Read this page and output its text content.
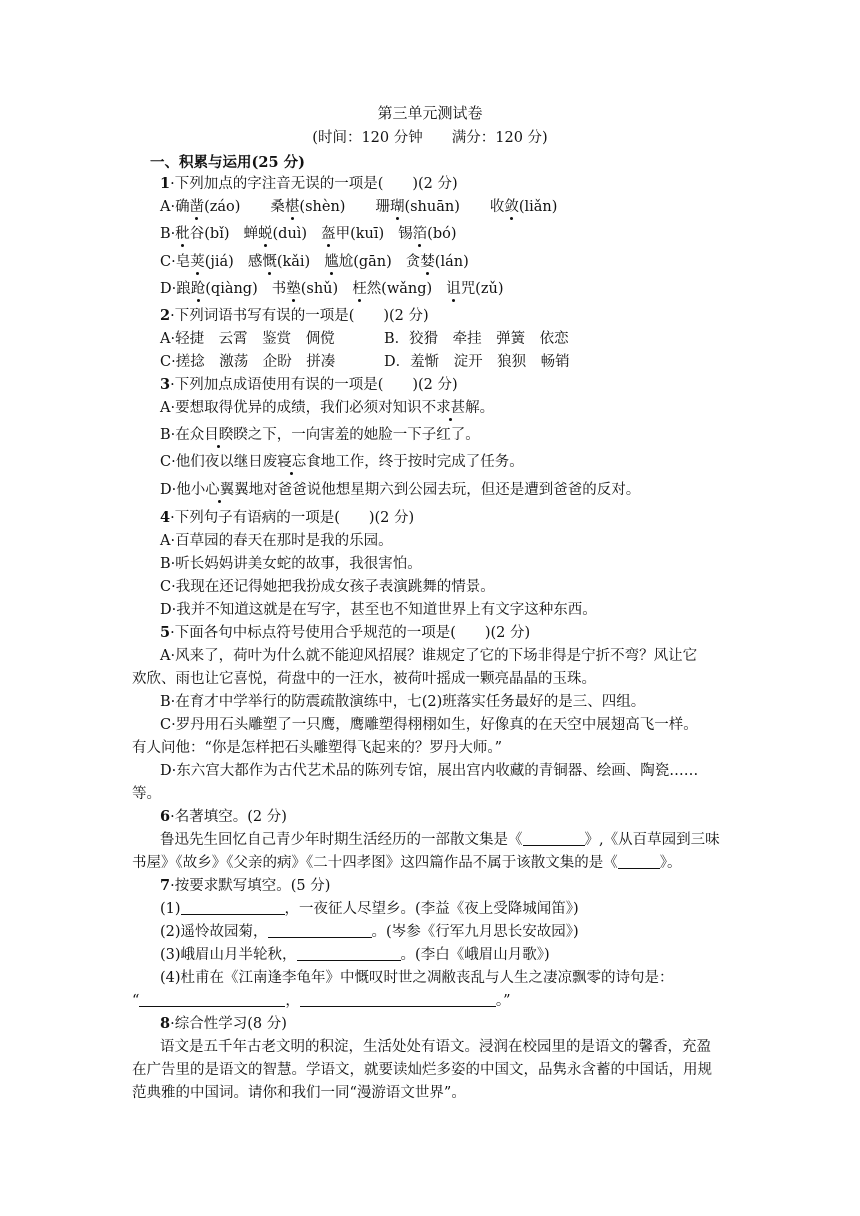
第三单元测试卷
(时间：120 分钟　　满分：120 分)
一、积累与运用(25 分)
1·下列加点的字注音无误的一项是(　　)(2 分)
A·确凿(záo) 桑椹(shèn) 珊瑚(shuān) 收敛(liǎn)
B·秕谷(bǐ) 蝉蜕(duì) 盔甲(kuī) 锡箔(bó)
C·皂荚(jiá) 感慨(kǎi) 尴尬(gān) 贪婪(lán)
D·踉跄(qiàng) 书塾(shǔ) 枉然(wǎng) 诅咒(zǔ)
2·下列词语书写有误的一项是(　　)(2 分)
A·轻捷　云霄　鉴赏　倜傥	B．狡猾　牵挂　弹簧　依恋
C·搓捻　激荡　企盼　拼凑	D．羞惭　淀开　狼狈　畅销
3·下列加点成语使用有误的一项是(　　)(2 分)
A·要想取得优异的成绩，我们必须对知识不求甚解。
B·在众目睽睽之下，一向害羞的她脸一下子红了。
C·他们夜以继日废寝忘食地工作，终于按时完成了任务。
D·他小心翼翼地对爸爸说他想星期六到公园去玩，但还是遭到爸爸的反对。
4·下列句子有语病的一项是(　　)(2 分)
A·百草园的春天在那时是我的乐园。
B·听长妈妈讲美女蛇的故事，我很害怕。
C·我现在还记得她把我扮成女孩子表演跳舞的情景。
D·我并不知道这就是在写字，甚至也不知道世界上有文字这种东西。
5·下面各句中标点符号使用合乎规范的一项是(　　)(2 分)
A·风来了，荷叶为什么就不能迎风招展？谁规定了它的下场非得是宁折不弯？风让它
欢欣、雨也让它喜悦，荷盘中的一汪水，被荷叶摇成一颗亮晶晶的玉珠。
B·在育才中学举行的防震疏散演练中，七(2)班落实任务最好的是三、四组。
C·罗丹用石头雕塑了一只鹰，鹰雕塑得栩栩如生，好像真的在天空中展翅高飞一样。
有人问他：“你是怎样把石头雕塑得飞起来的？罗丹大师。”
D·东六宫大都作为古代艺术品的陈列专馆，展出宫内收藏的青铜器、绘画、陶瓷……
等。
6·名著填空。(2 分)
鲁迅先生回忆自己青少年时期生活经历的一部散文集是《	》,《从百草园到三味
书屋》《故乡》《父亲的病》《二十四孝图》这四篇作品不属于该散文集的是《	》。
7·按要求默写填空。(5 分)
(1)	，一夜征人尽望乡。(李益《夜上受降城闻笛》)
(2)遥怜故园菊，	。(岑参《行军九月思长安故园》)
(3)峨眉山月半轮秋，	。(李白《峨眉山月歌》)
(4)杜甫在《江南逢李龟年》中慨叹时世之凋敝丧乱与人生之凄凉飘零的诗句是：
“	，	。”
8·综合性学习(8 分)
语文是五千年古老文明的积淀，生活处处有语文。浸润在校园里的是语文的馨香，充盈
在广告里的是语文的智慧。学语文，就要读灿烂多姿的中国文，品隽永含蓄的中国话，用规
范典雅的中国词。请你和我们一同“漫游语文世界”。
